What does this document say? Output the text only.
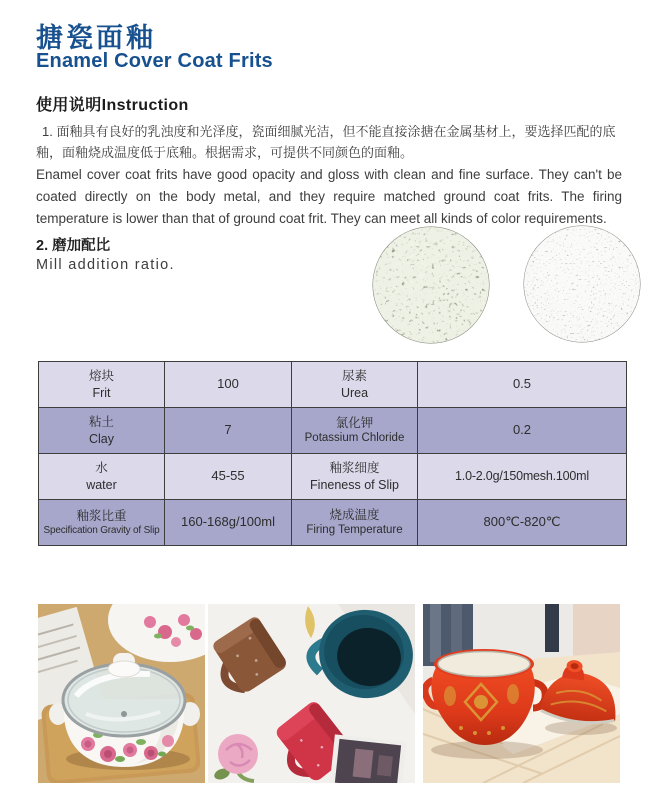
搪瓷面釉
Enamel Cover Coat Frits
使用说明Instruction
1. 面釉具有良好的乳浊度和光泽度，瓷面细腻光洁，但不能直接涂搪在金属基材上，要选择匹配的底釉，面釉烧成温度低于底釉。根据需求，可提供不同颜色的面釉。
Enamel cover coat frits have good opacity and gloss with clean and fine surface. They can't be coated directly on the body metal, and they require matched ground coat frits. The firing temperature is lower than that of ground coat frit. They can meet all kinds of color requirements.
2. 磨加配比
Mill addition ratio.
熔块
Frit
	100	尿素
Urea
	0.5

粘土
Clay
	7	氯化钾
Potassium Chloride
	0.2

水
water
	45-55	釉浆细度
Fineness of Slip
	1.0-2.0g/150mesh.100ml

釉浆比重
Specification Gravity of Slip
	160-168g/100ml	烧成温度
Firing Temperature
	800℃-820℃
